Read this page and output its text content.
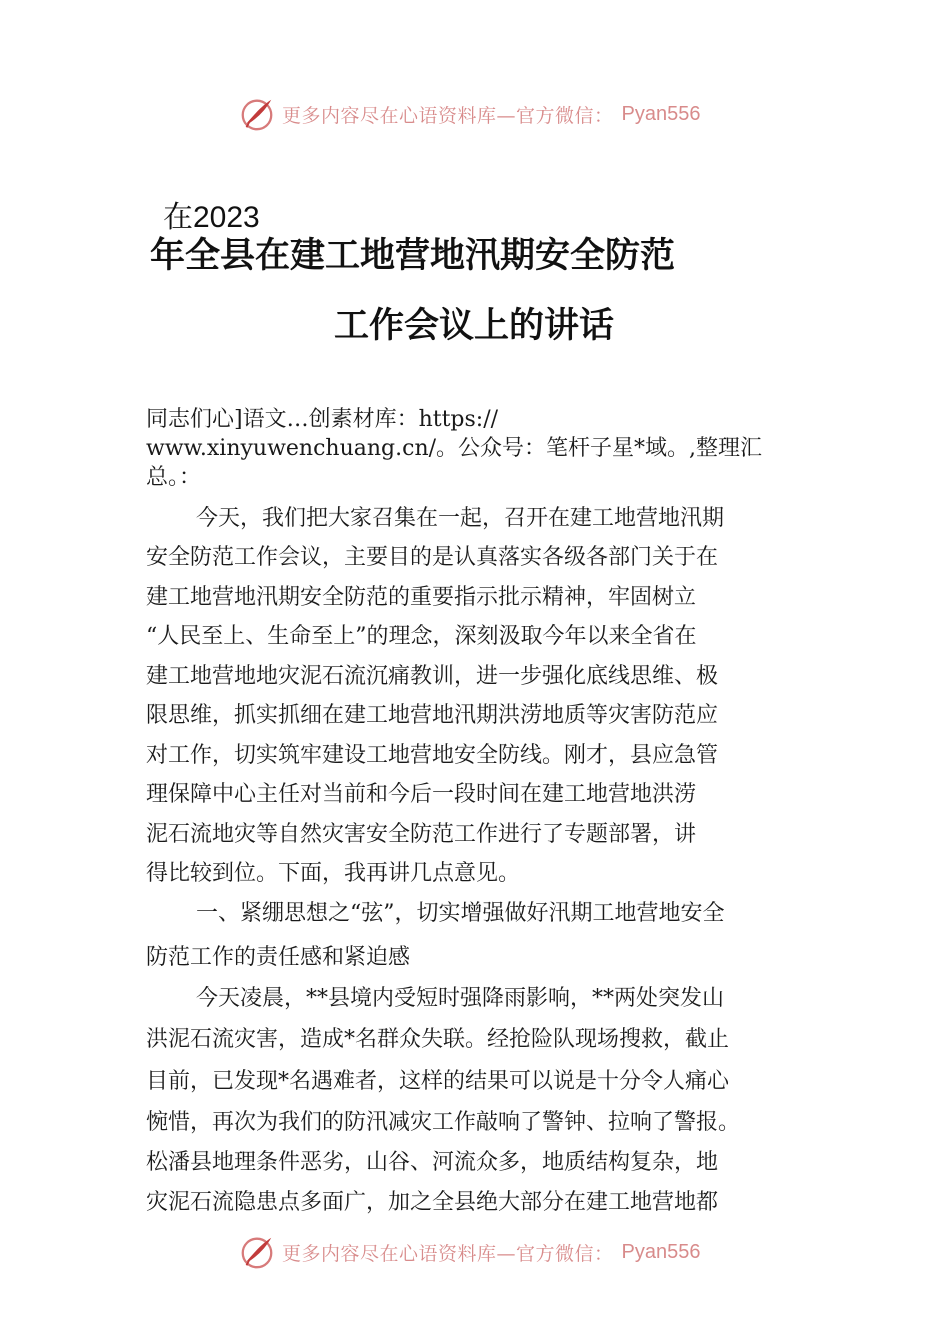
更多内容尽在心语资料库—官方微信： Pyan556
在2023
年全县在建工地营地汛期安全防范
工作会议上的讲话
同志们心]语文…创素材库：https://
www.xinyuwenchuang.cn/。公众号：笔杆子星*域。,整理汇
总。：
今天，我们把大家召集在一起，召开在建工地营地汛期
安全防范工作会议，主要目的是认真落实各级各部门关于在
建工地营地汛期安全防范的重要指示批示精神，牢固树立
“人民至上、生命至上”的理念，深刻汲取今年以来全省在
建工地营地地灾泥石流沉痛教训，进一步强化底线思维、极
限思维，抓实抓细在建工地营地汛期洪涝地质等灾害防范应
对工作，切实筑牢建设工地营地安全防线。刚才，县应急管
理保障中心主任对当前和今后一段时间在建工地营地洪涝
泥石流地灾等自然灾害安全防范工作进行了专题部署，讲
得比较到位。下面，我再讲几点意见。
一、紧绷思想之“弦”，切实增强做好汛期工地营地安全
防范工作的责任感和紧迫感
今天凌晨，**县境内受短时强降雨影响，**两处突发山
洪泥石流灾害，造成*名群众失联。经抢险队现场搜救，截止
目前，已发现*名遇难者，这样的结果可以说是十分令人痛心
惋惜，再次为我们的防汛减灾工作敲响了警钟、拉响了警报。
松潘县地理条件恶劣，山谷、河流众多，地质结构复杂，地
灾泥石流隐患点多面广，加之全县绝大部分在建工地营地都
更多内容尽在心语资料库—官方微信： Pyan556
